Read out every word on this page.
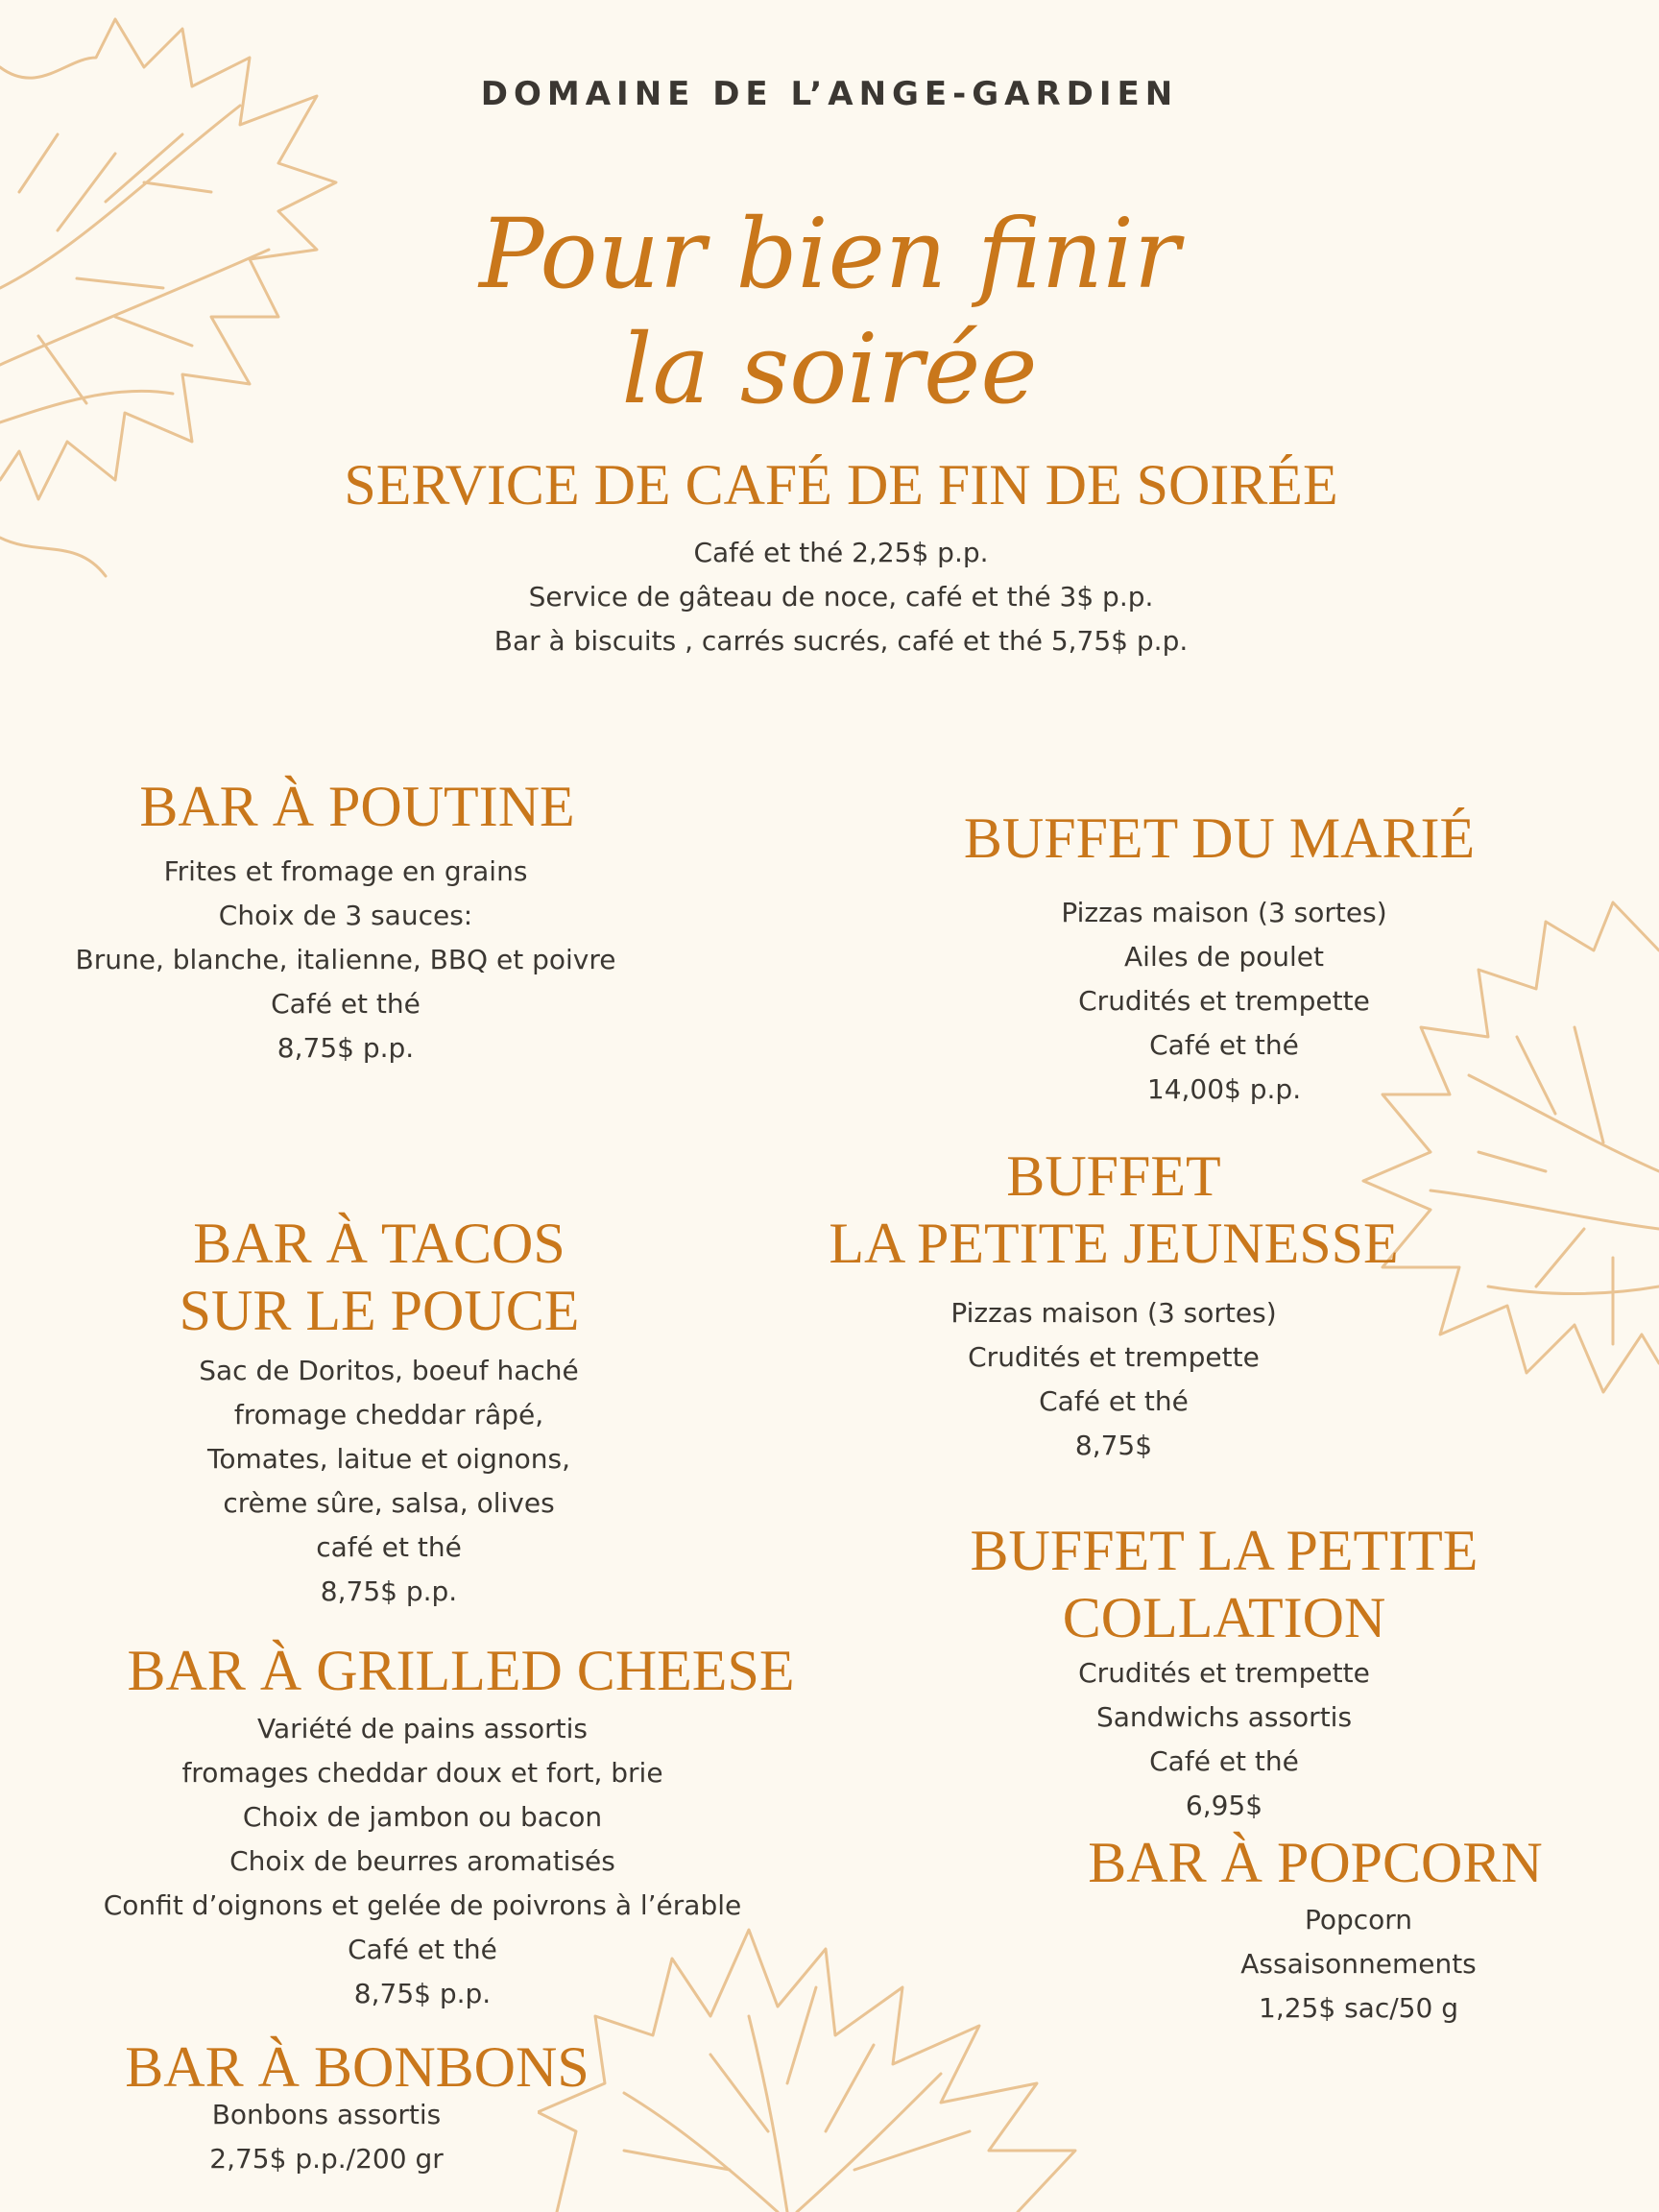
DOMAINE DE L’ANGE-GARDIEN
Pour bien finir
la soirée
SERVICE DE CAFÉ DE FIN DE SOIRÉE
Café et thé 2,25$ p.p.
Service de gâteau de noce, café et thé 3$ p.p.
Bar à biscuits , carrés sucrés, café et thé 5,75$ p.p.
BAR À POUTINE
Frites et fromage en grains
Choix de 3 sauces:
Brune, blanche, italienne, BBQ et poivre
Café et thé
8,75$ p.p.
BUFFET DU MARIÉ
Pizzas maison (3 sortes)
Ailes de poulet
Crudités et trempette
Café et thé
14,00$ p.p.
BUFFET
LA PETITE JEUNESSE
Pizzas maison (3 sortes)
Crudités et trempette
Café et thé
8,75$
BAR À TACOS
SUR LE POUCE
Sac de Doritos, boeuf haché
fromage cheddar râpé,
Tomates, laitue et oignons,
crème sûre, salsa, olives
café et thé
8,75$ p.p.
BUFFET LA PETITE
COLLATION
Crudités et trempette
Sandwichs assortis
Café et thé
6,95$
BAR À GRILLED CHEESE
Variété de pains assortis
fromages cheddar doux et fort, brie
Choix de jambon ou bacon
Choix de beurres aromatisés
Confit d’oignons et gelée de poivrons à l’érable
Café et thé
8,75$ p.p.
BAR À POPCORN
Popcorn
Assaisonnements
1,25$ sac/50 g
BAR À BONBONS
Bonbons assortis
2,75$ p.p./200 gr
